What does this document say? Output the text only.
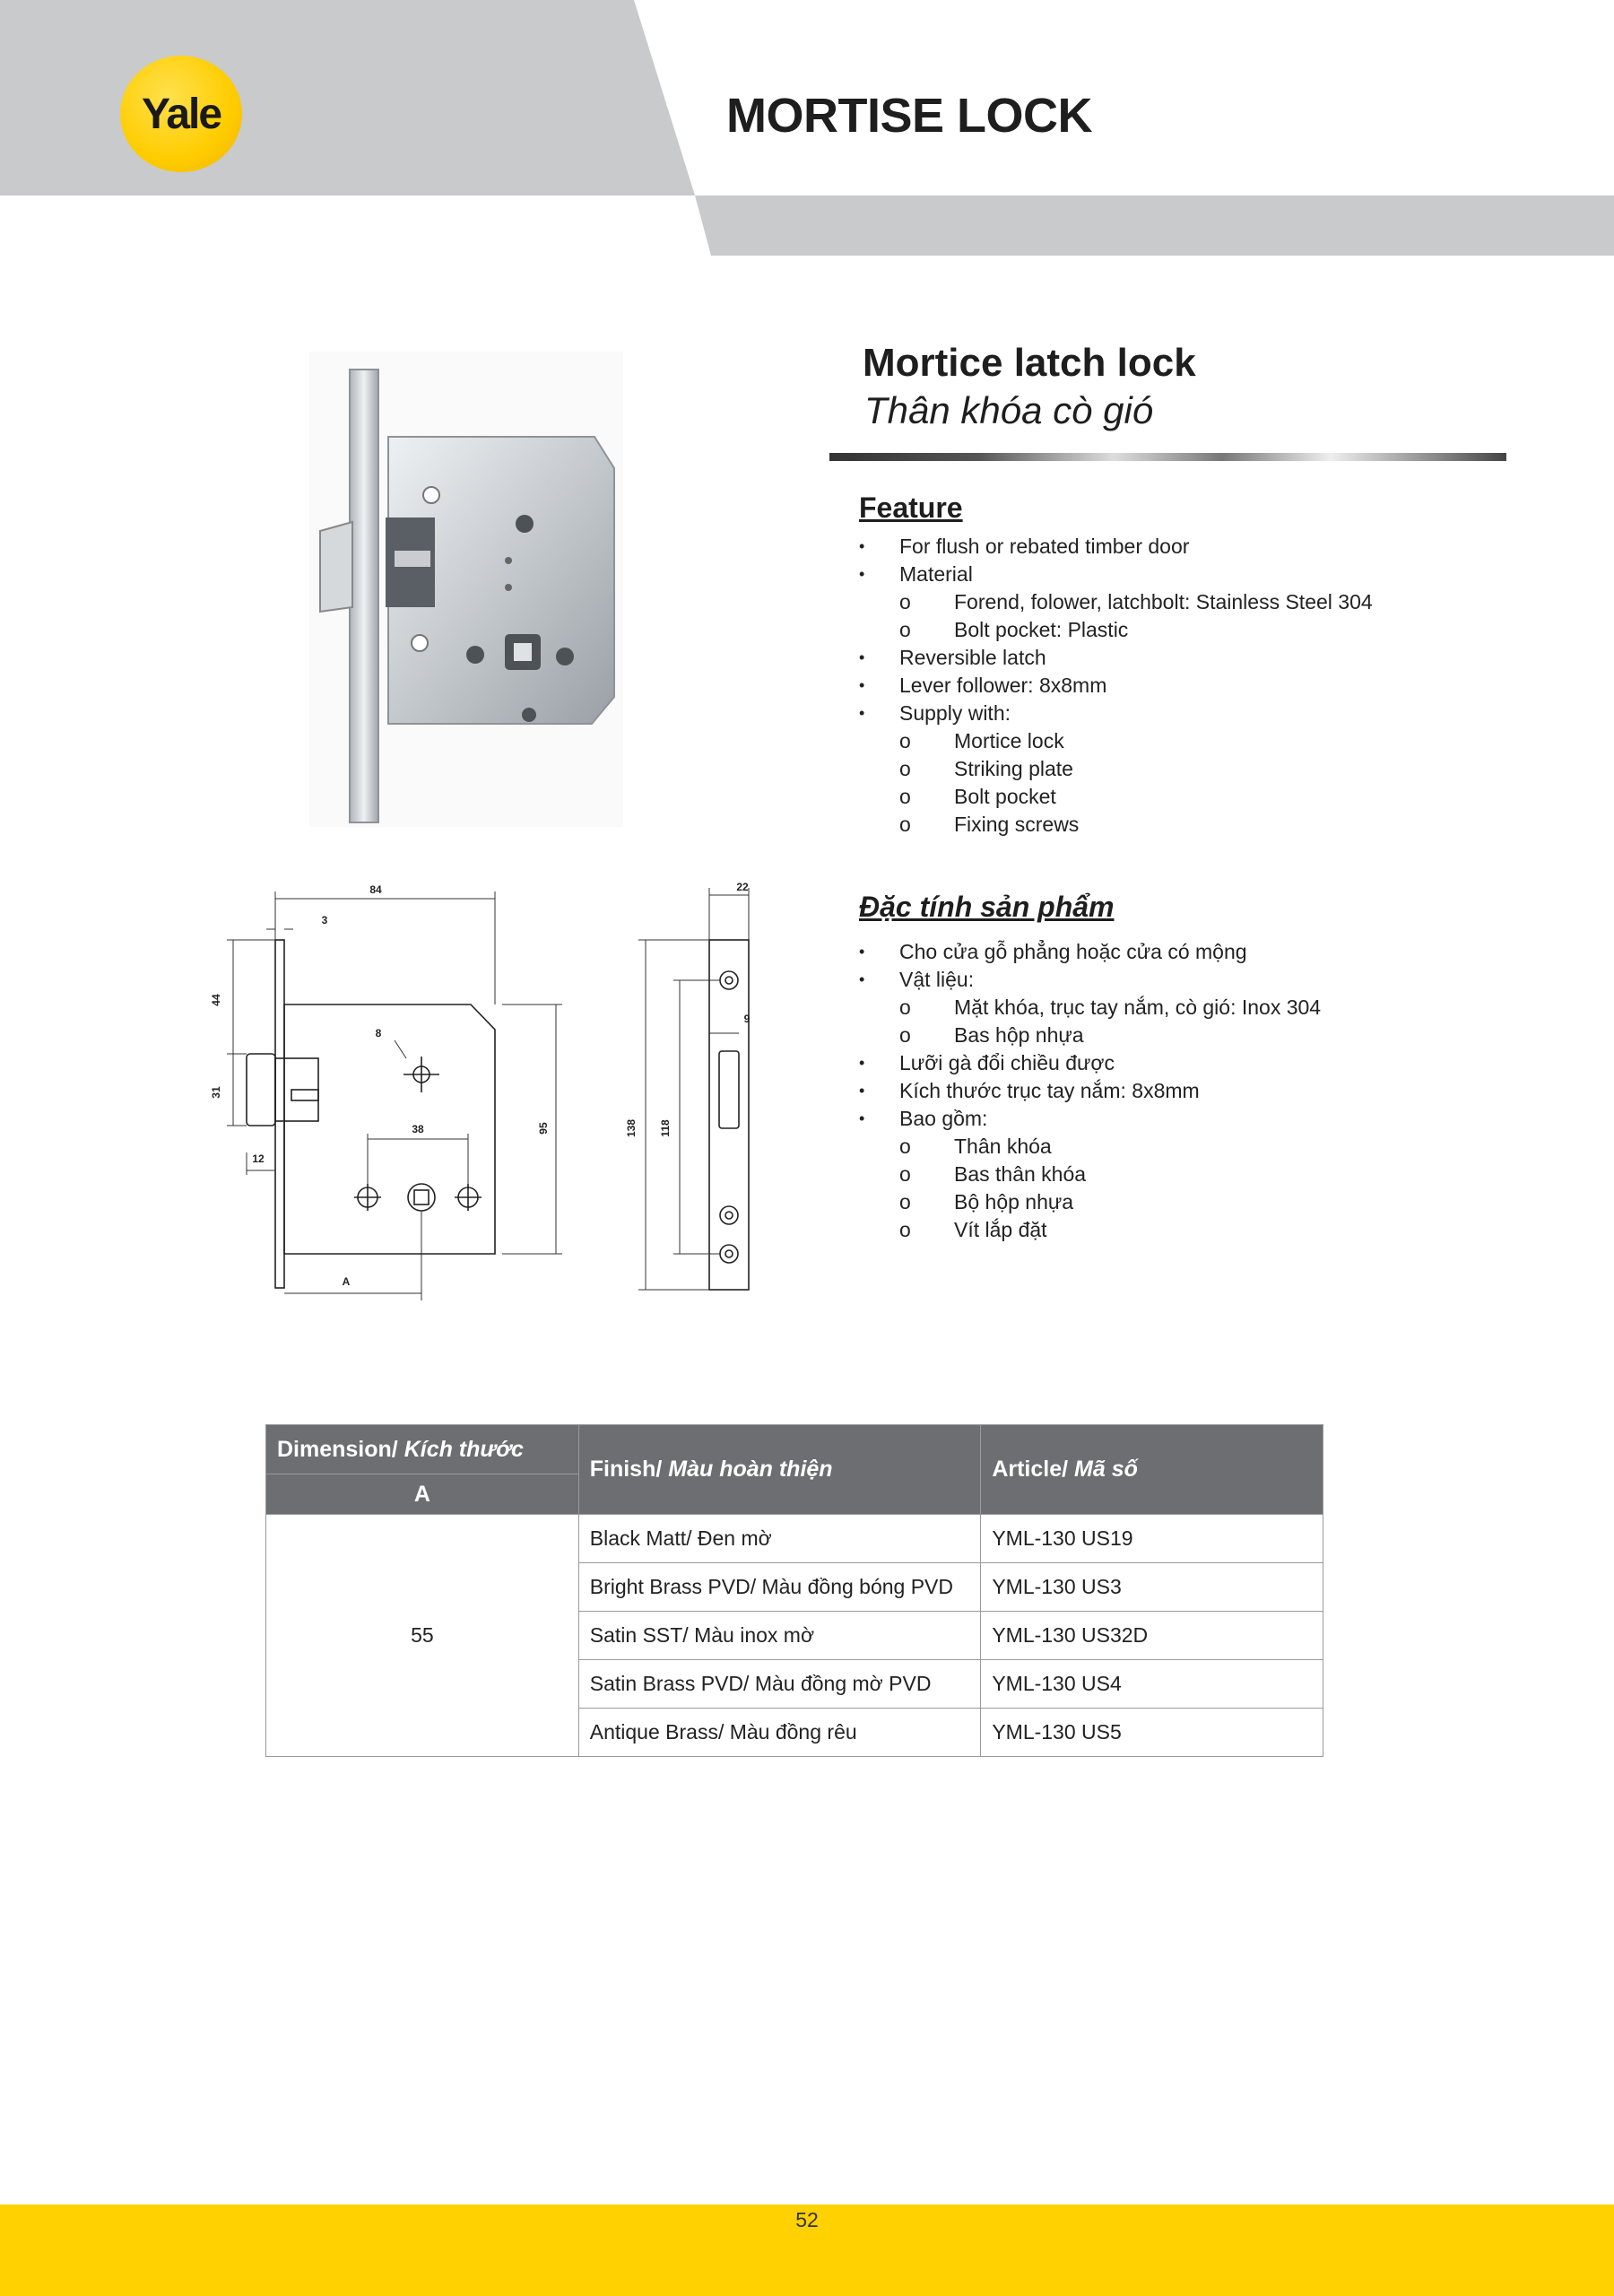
Yale	MORTISE LOCK
84
3
44
31
12
8
38	95
A
22
9
138 118
Mortice latch lock
Thân khóa cò gió
Feature
• For flush or rebated timber door
• Material
o Forend, folower, latchbolt: Stainless Steel 304
o Bolt pocket: Plastic
• Reversible latch
• Lever follower: 8x8mm
• Supply with:
o Mortice lock
o Striking plate
o Bolt pocket
o Fixing screws
Đặc tính sản phẩm
• Cho cửa gỗ phẳng hoặc cửa có mộng
• Vật liệu:
o Mặt khóa, trục tay nắm, cò gió: Inox 304
o Bas hộp nhựa
• Lưỡi gà đổi chiều được
• Kích thước trục tay nắm: 8x8mm
• Bao gồm:
o Thân khóa
o Bas thân khóa
o Bộ hộp nhựa
o Vít lắp đặt
Dimension/ Kích thước	Finish/ Màu hoàn thiện	Article/ Mã số
A		
55	Black Matt/ Đen mờ	YML-130 US19
	Bright Brass PVD/ Màu đồng bóng PVD	YML-130 US3
	Satin SST/ Màu inox mờ	YML-130 US32D
	Satin Brass PVD/ Màu đồng mờ PVD	YML-130 US4
	Antique Brass/ Màu đồng rêu	YML-130 US5
52
